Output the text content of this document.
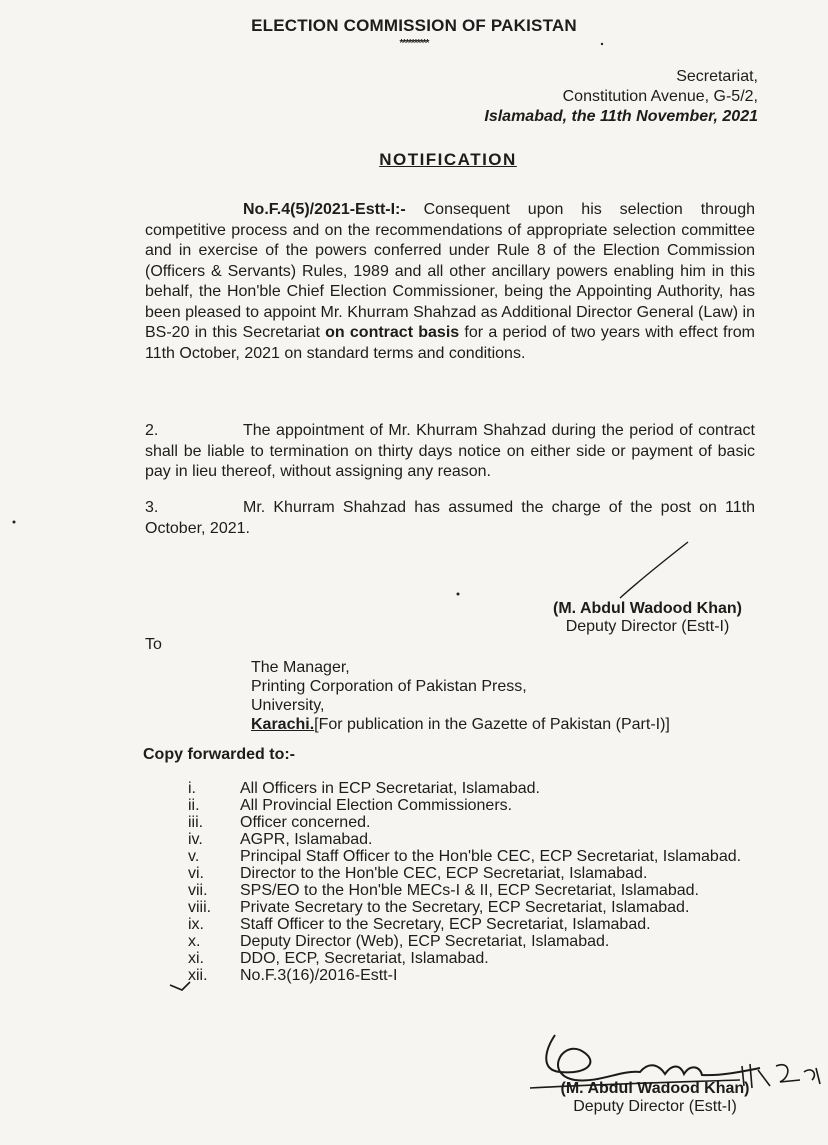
ELECTION COMMISSION OF PAKISTAN
**********
Secretariat,
Constitution Avenue, G-5/2,
Islamabad, the 11th November, 2021
NOTIFICATION
No.F.4(5)/2021-Estt-I:- Consequent upon his selection through competitive process and on the recommendations of appropriate selection committee and in exercise of the powers conferred under Rule 8 of the Election Commission (Officers & Servants) Rules, 1989 and all other ancillary powers enabling him in this behalf, the Hon'ble Chief Election Commissioner, being the Appointing Authority, has been pleased to appoint Mr. Khurram Shahzad as Additional Director General (Law) in BS-20 in this Secretariat on contract basis for a period of two years with effect from 11th October, 2021 on standard terms and conditions.
2.	The appointment of Mr. Khurram Shahzad during the period of contract shall be liable to termination on thirty days notice on either side or payment of basic pay in lieu thereof, without assigning any reason.
3.	Mr. Khurram Shahzad has assumed the charge of the post on 11th October, 2021.
(M. Abdul Wadood Khan)
Deputy Director (Estt-I)
To
The Manager,
Printing Corporation of Pakistan Press,
University,
Karachi.[For publication in the Gazette of Pakistan (Part-I)]
Copy forwarded to:-
i.	All Officers in ECP Secretariat, Islamabad.
ii.	All Provincial Election Commissioners.
iii.	Officer concerned.
iv.	AGPR, Islamabad.
v.	Principal Staff Officer to the Hon'ble CEC, ECP Secretariat, Islamabad.
vi.	Director to the Hon'ble CEC, ECP Secretariat, Islamabad.
vii.	SPS/EO to the Hon'ble MECs-I & II, ECP Secretariat, Islamabad.
viii.	Private Secretary to the Secretary, ECP Secretariat, Islamabad.
ix.	Staff Officer to the Secretary, ECP Secretariat, Islamabad.
x.	Deputy Director (Web), ECP Secretariat, Islamabad.
xi.	DDO, ECP, Secretariat, Islamabad.
xii.	No.F.3(16)/2016-Estt-I
(M. Abdul Wadood Khan)
Deputy Director (Estt-I)
